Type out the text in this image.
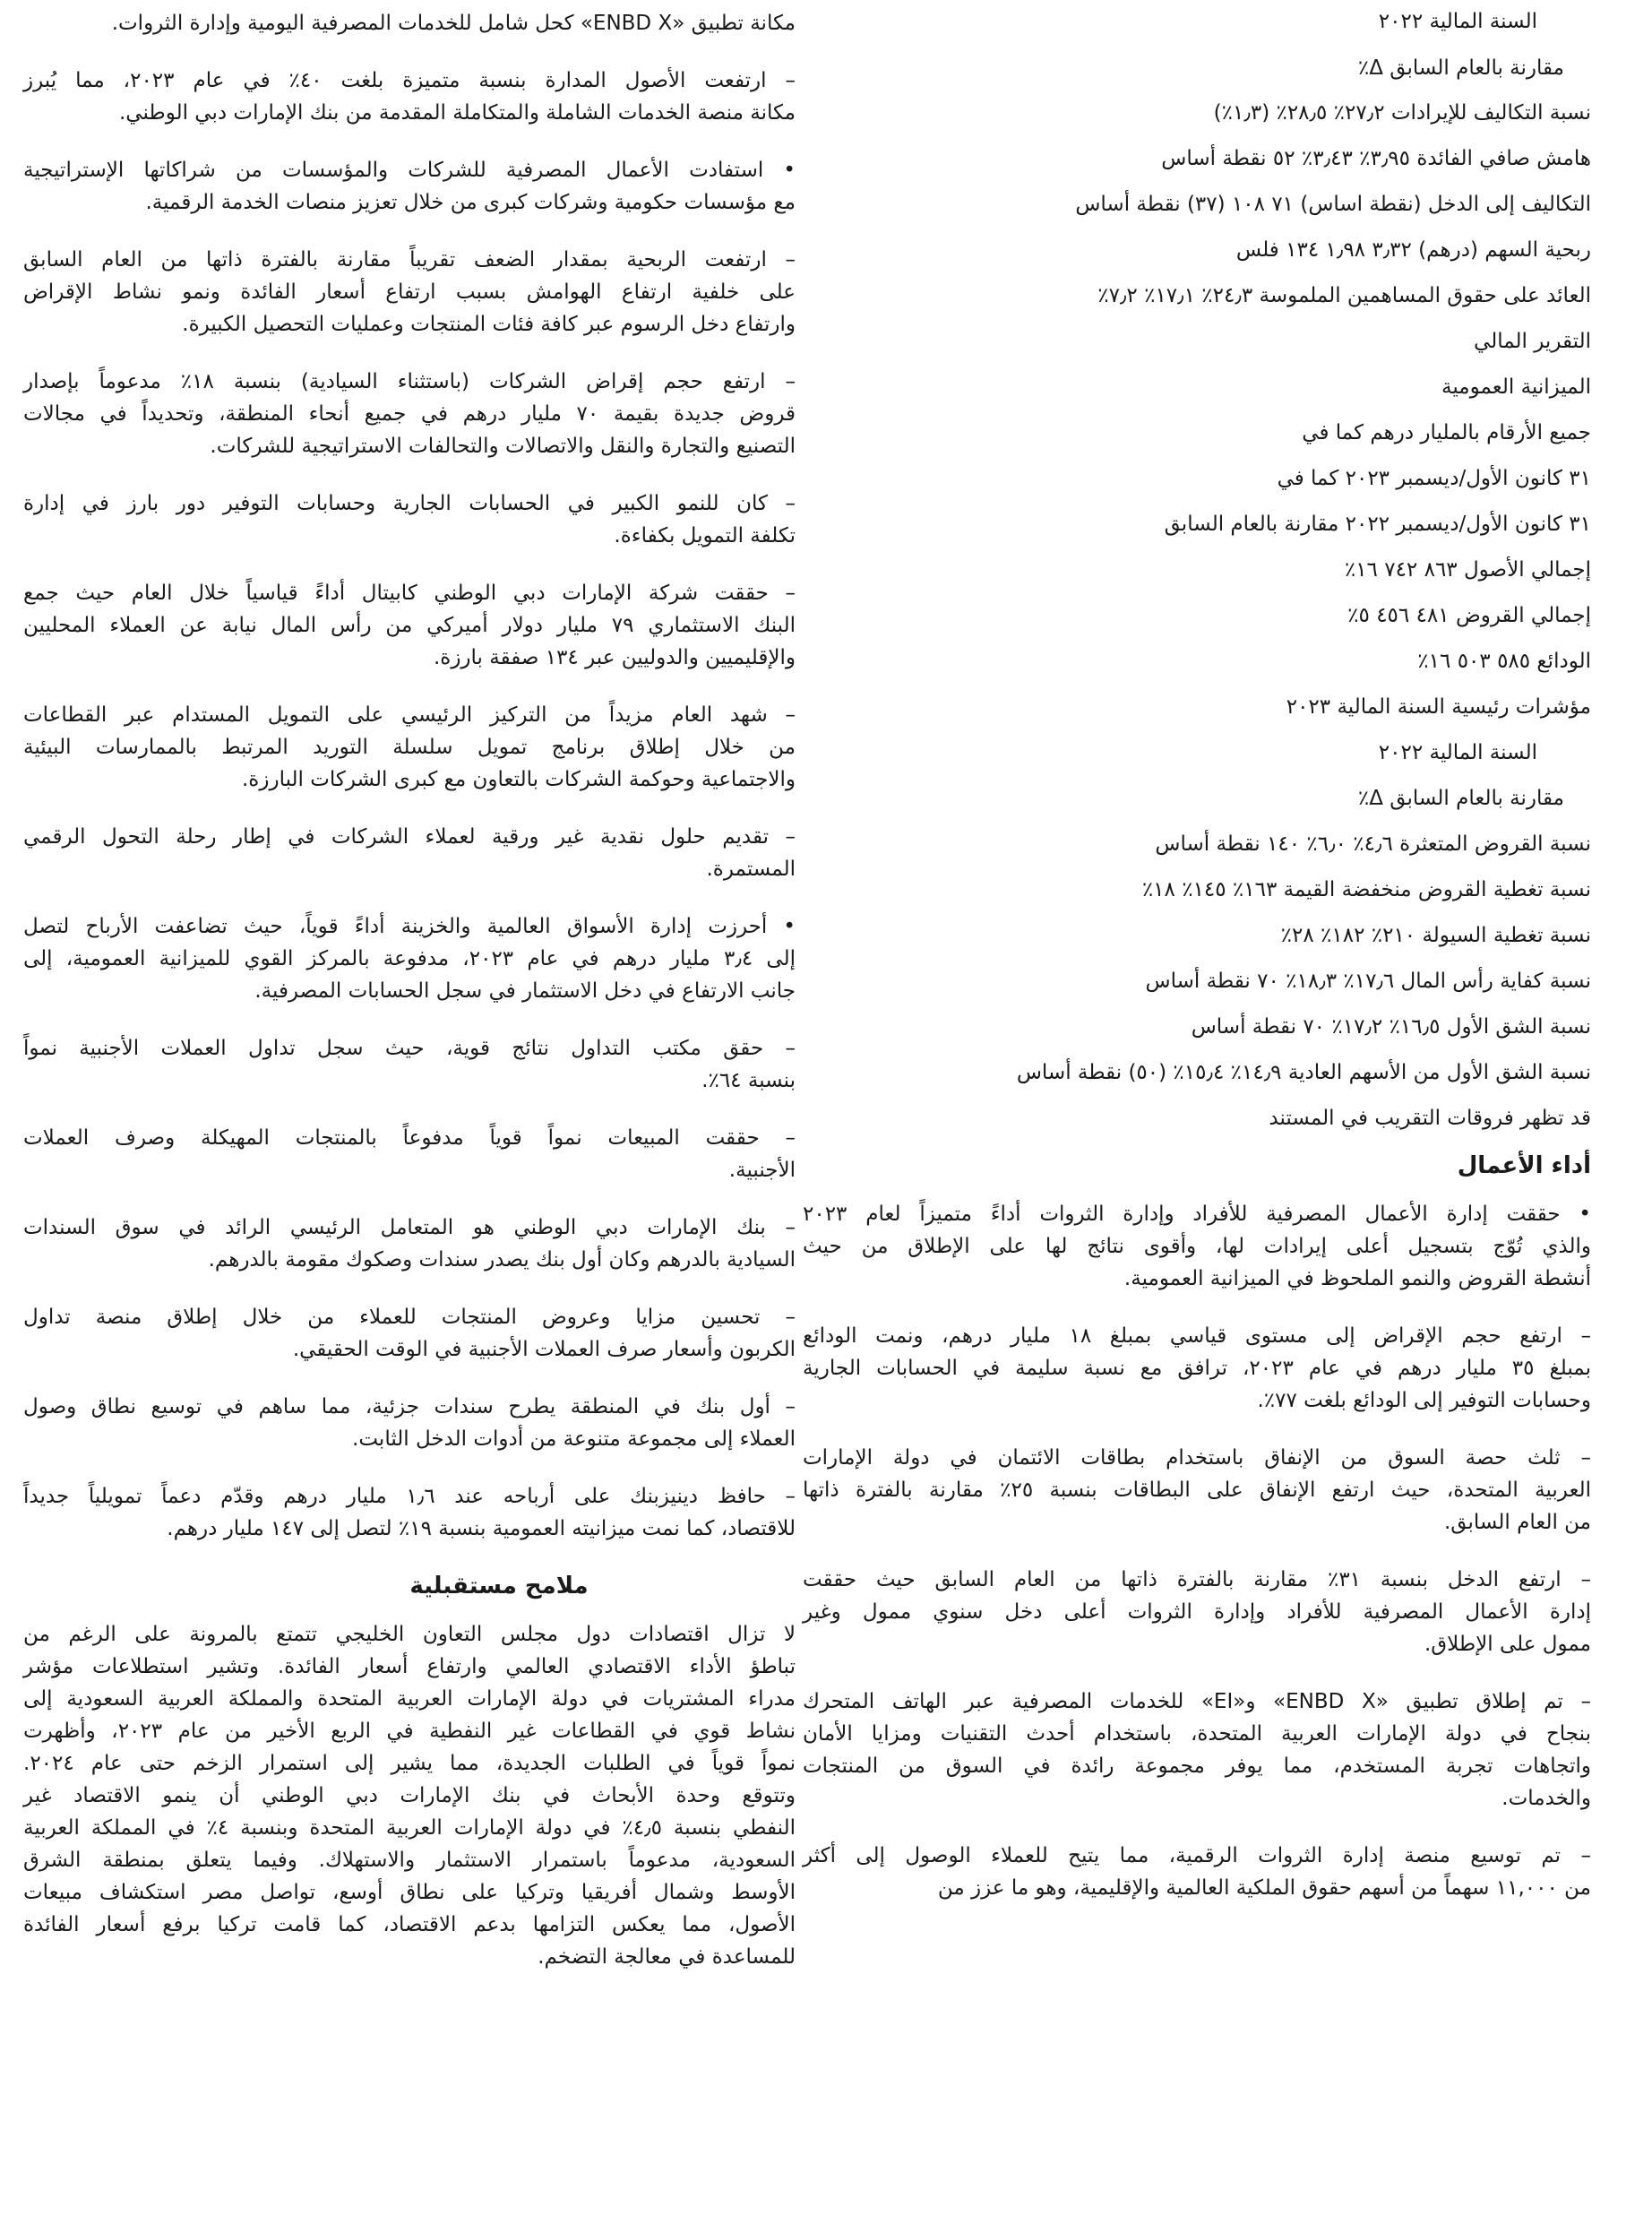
السنة المالية ٢٠٢٢

مقارنة بالعام السابق Δ٪

نسبة التكاليف للإيرادات ٢٧٫٢٪ ٢٨٫٥٪ (١٫٣٪)

هامش صافي الفائدة ٣٫٩٥٪ ٣٫٤٣٪ ٥٢ نقطة أساس

التكاليف إلى الدخل (نقطة اساس) ٧١ ١٠٨ (٣٧) نقطة أساس

ربحية السهم (درهم) ٣٫٣٢ ١٫٩٨ ١٣٤ فلس

العائد على حقوق المساهمين الملموسة ٢٤٫٣٪ ١٧٫١٪ ٧٫٢٪

التقرير المالي

الميزانية العمومية

جميع الأرقام بالمليار درهم كما في

٣١ كانون الأول/ديسمبر ٢٠٢٣ كما في

٣١ كانون الأول/ديسمبر ٢٠٢٢ مقارنة بالعام السابق

إجمالي الأصول ٨٦٣ ٧٤٢ ١٦٪

إجمالي القروض ٤٨١ ٤٥٦ ٥٪

الودائع ٥٨٥ ٥٠٣ ١٦٪

مؤشرات رئيسية السنة المالية ٢٠٢٣

السنة المالية ٢٠٢٢

مقارنة بالعام السابق Δ٪

نسبة القروض المتعثرة ٤٫٦٪ ٦٫٠٪ ١٤٠ نقطة أساس

نسبة تغطية القروض منخفضة القيمة ١٦٣٪ ١٤٥٪ ١٨٪

نسبة تغطية السيولة ٢١٠٪ ١٨٢٪ ٢٨٪

نسبة كفاية رأس المال ١٧٫٦٪ ١٨٫٣٪ ٧٠ نقطة أساس

نسبة الشق الأول ١٦٫٥٪ ١٧٫٢٪ ٧٠ نقطة أساس

نسبة الشق الأول من الأسهم العادية ١٤٫٩٪ ١٥٫٤٪ (٥٠) نقطة أساس

قد تظهر فروقات التقريب في المستند

أداء الأعمال
• حققت إدارة الأعمال المصرفية للأفراد وإدارة الثروات أداءً متميزاً لعام ٢٠٢٣
والذي تُوّج بتسجيل أعلى إيرادات لها، وأقوى نتائج لها على الإطلاق من حيث
أنشطة القروض والنمو الملحوظ في الميزانية العمومية.
– ارتفع حجم الإقراض إلى مستوى قياسي بمبلغ ١٨ مليار درهم، ونمت الودائع
بمبلغ ٣٥ مليار درهم في عام ٢٠٢٣، ترافق مع نسبة سليمة في الحسابات الجارية
وحسابات التوفير إلى الودائع بلغت ٧٧٪.
– ثلث حصة السوق من الإنفاق باستخدام بطاقات الائتمان في دولة الإمارات
العربية المتحدة، حيث ارتفع الإنفاق على البطاقات بنسبة ٢٥٪ مقارنة بالفترة ذاتها
من العام السابق.
– ارتفع الدخل بنسبة ٣١٪ مقارنة بالفترة ذاتها من العام السابق حيث حققت
إدارة الأعمال المصرفية للأفراد وإدارة الثروات أعلى دخل سنوي ممول وغير
ممول على الإطلاق.
– تم إطلاق تطبيق «ENBD X» و«EI» للخدمات المصرفية عبر الهاتف المتحرك
بنجاح في دولة الإمارات العربية المتحدة، باستخدام أحدث التقنيات ومزايا الأمان
واتجاهات تجربة المستخدم، مما يوفر مجموعة رائدة في السوق من المنتجات
والخدمات.
– تم توسيع منصة إدارة الثروات الرقمية، مما يتيح للعملاء الوصول إلى أكثر
من ١١,٠٠٠ سهماً من أسهم حقوق الملكية العالمية والإقليمية، وهو ما عزز من
مكانة تطبيق «ENBD X» كحل شامل للخدمات المصرفية اليومية وإدارة الثروات.
– ارتفعت الأصول المدارة بنسبة متميزة بلغت ٤٠٪ في عام ٢٠٢٣، مما يُبرز
مكانة منصة الخدمات الشاملة والمتكاملة المقدمة من بنك الإمارات دبي الوطني.
• استفادت الأعمال المصرفية للشركات والمؤسسات من شراكاتها الإستراتيجية
مع مؤسسات حكومية وشركات كبرى من خلال تعزيز منصات الخدمة الرقمية.
– ارتفعت الربحية بمقدار الضعف تقريباً مقارنة بالفترة ذاتها من العام السابق
على خلفية ارتفاع الهوامش بسبب ارتفاع أسعار الفائدة ونمو نشاط الإقراض
وارتفاع دخل الرسوم عبر كافة فئات المنتجات وعمليات التحصيل الكبيرة.
– ارتفع حجم إقراض الشركات (باستثناء السيادية) بنسبة ١٨٪ مدعوماً بإصدار
قروض جديدة بقيمة ٧٠ مليار درهم في جميع أنحاء المنطقة، وتحديداً في مجالات
التصنيع والتجارة والنقل والاتصالات والتحالفات الاستراتيجية للشركات.
– كان للنمو الكبير في الحسابات الجارية وحسابات التوفير دور بارز في إدارة
تكلفة التمويل بكفاءة.
– حققت شركة الإمارات دبي الوطني كابيتال أداءً قياسياً خلال العام حيث جمع
البنك الاستثماري ٧٩ مليار دولار أميركي من رأس المال نيابة عن العملاء المحليين
والإقليميين والدوليين عبر ١٣٤ صفقة بارزة.
– شهد العام مزيداً من التركيز الرئيسي على التمويل المستدام عبر القطاعات
من خلال إطلاق برنامج تمويل سلسلة التوريد المرتبط بالممارسات البيئية
والاجتماعية وحوكمة الشركات بالتعاون مع كبرى الشركات البارزة.
– تقديم حلول نقدية غير ورقية لعملاء الشركات في إطار رحلة التحول الرقمي
المستمرة.
• أحرزت إدارة الأسواق العالمية والخزينة أداءً قوياً، حيث تضاعفت الأرباح لتصل
إلى ٣٫٤ مليار درهم في عام ٢٠٢٣، مدفوعة بالمركز القوي للميزانية العمومية، إلى
جانب الارتفاع في دخل الاستثمار في سجل الحسابات المصرفية.
– حقق مكتب التداول نتائج قوية، حيث سجل تداول العملات الأجنبية نمواً
بنسبة ٦٤٪.
– حققت المبيعات نمواً قوياً مدفوعاً بالمنتجات المهيكلة وصرف العملات
الأجنبية.
– بنك الإمارات دبي الوطني هو المتعامل الرئيسي الرائد في سوق السندات
السيادية بالدرهم وكان أول بنك يصدر سندات وصكوك مقومة بالدرهم.
– تحسين مزايا وعروض المنتجات للعملاء من خلال إطلاق منصة تداول
الكربون وأسعار صرف العملات الأجنبية في الوقت الحقيقي.
– أول بنك في المنطقة يطرح سندات جزئية، مما ساهم في توسيع نطاق وصول
العملاء إلى مجموعة متنوعة من أدوات الدخل الثابت.
– حافظ دينيزبنك على أرباحه عند ١٫٦ مليار درهم وقدّم دعماً تمويلياً جديداً
للاقتصاد، كما نمت ميزانيته العمومية بنسبة ١٩٪ لتصل إلى ١٤٧ مليار درهم.
ملامح مستقبلية
لا تزال اقتصادات دول مجلس التعاون الخليجي تتمتع بالمرونة على الرغم من
تباطؤ الأداء الاقتصادي العالمي وارتفاع أسعار الفائدة. وتشير استطلاعات مؤشر
مدراء المشتريات في دولة الإمارات العربية المتحدة والمملكة العربية السعودية إلى
نشاط قوي في القطاعات غير النفطية في الربع الأخير من عام ٢٠٢٣، وأظهرت
نمواً قوياً في الطلبات الجديدة، مما يشير إلى استمرار الزخم حتى عام ٢٠٢٤.
وتتوقع وحدة الأبحاث في بنك الإمارات دبي الوطني أن ينمو الاقتصاد غير
النفطي بنسبة ٤٫٥٪ في دولة الإمارات العربية المتحدة وبنسبة ٤٪ في المملكة العربية
السعودية، مدعوماً باستمرار الاستثمار والاستهلاك. وفيما يتعلق بمنطقة الشرق
الأوسط وشمال أفريقيا وتركيا على نطاق أوسع، تواصل مصر استكشاف مبيعات
الأصول، مما يعكس التزامها بدعم الاقتصاد، كما قامت تركيا برفع أسعار الفائدة
للمساعدة في معالجة التضخم.
